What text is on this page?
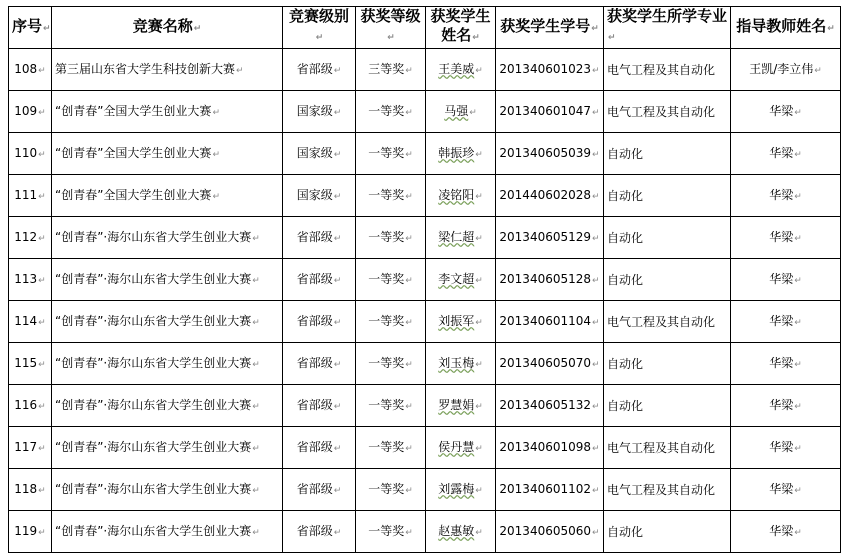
序号↵	竞赛名称↵	竞赛级别↵	获奖等级↵	获奖学生姓名↵	获奖学生学号↵	获奖学生所学专业↵	指导教师姓名↵
108↵	第三届山东省大学生科技创新大赛↵	省部级↵	三等奖↵	王美威↵	201340601023↵	电气工程及其自动化	王凯/李立伟↵
109↵	“创青春”全国大学生创业大赛↵	国家级↵	一等奖↵	马强↵	201340601047↵	电气工程及其自动化	华梁↵
110↵	“创青春”全国大学生创业大赛↵	国家级↵	一等奖↵	韩振珍↵	201340605039↵	自动化	华梁↵
111↵	“创青春”全国大学生创业大赛↵	国家级↵	一等奖↵	凌铭阳↵	201440602028↵	自动化	华梁↵
112↵	“创青春”·海尔山东省大学生创业大赛↵	省部级↵	一等奖↵	梁仁超↵	201340605129↵	自动化	华梁↵
113↵	“创青春”·海尔山东省大学生创业大赛↵	省部级↵	一等奖↵	李文超↵	201340605128↵	自动化	华梁↵
114↵	“创青春”·海尔山东省大学生创业大赛↵	省部级↵	一等奖↵	刘振军↵	201340601104↵	电气工程及其自动化	华梁↵
115↵	“创青春”·海尔山东省大学生创业大赛↵	省部级↵	一等奖↵	刘玉梅↵	201340605070↵	自动化	华梁↵
116↵	“创青春”·海尔山东省大学生创业大赛↵	省部级↵	一等奖↵	罗慧娟↵	201340605132↵	自动化	华梁↵
117↵	“创青春”·海尔山东省大学生创业大赛↵	省部级↵	一等奖↵	侯丹慧↵	201340601098↵	电气工程及其自动化	华梁↵
118↵	“创青春”·海尔山东省大学生创业大赛↵	省部级↵	一等奖↵	刘露梅↵	201340601102↵	电气工程及其自动化	华梁↵
119↵	“创青春”·海尔山东省大学生创业大赛↵	省部级↵	一等奖↵	赵惠敏↵	201340605060↵	自动化	华梁↵
